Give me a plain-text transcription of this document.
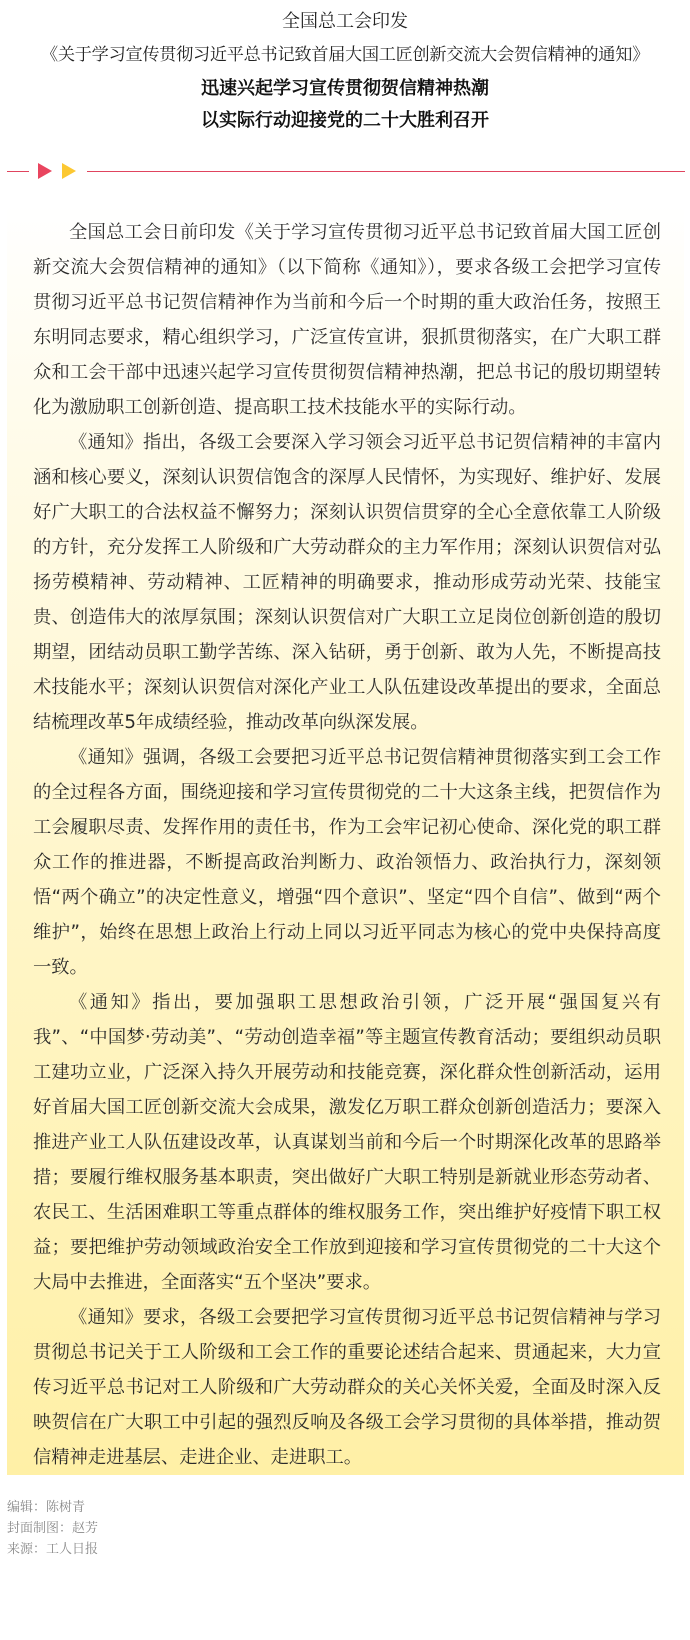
全国总工会印发
《关于学习宣传贯彻习近平总书记致首届大国工匠创新交流大会贺信精神的通知》
迅速兴起学习宣传贯彻贺信精神热潮
以实际行动迎接党的二十大胜利召开

全国总工会日前印发《关于学习宣传贯彻习近平总书记致首届大国工匠创新交流大会贺信精神的通知》（以下简称《通知》），要求各级工会把学习宣传贯彻习近平总书记贺信精神作为当前和今后一个时期的重大政治任务，按照王东明同志要求，精心组织学习，广泛宣传宣讲，狠抓贯彻落实，在广大职工群众和工会干部中迅速兴起学习宣传贯彻贺信精神热潮，把总书记的殷切期望转化为激励职工创新创造、提高职工技术技能水平的实际行动。

《通知》指出，各级工会要深入学习领会习近平总书记贺信精神的丰富内涵和核心要义，深刻认识贺信饱含的深厚人民情怀，为实现好、维护好、发展好广大职工的合法权益不懈努力；深刻认识贺信贯穿的全心全意依靠工人阶级的方针，充分发挥工人阶级和广大劳动群众的主力军作用；深刻认识贺信对弘扬劳模精神、劳动精神、工匠精神的明确要求，推动形成劳动光荣、技能宝贵、创造伟大的浓厚氛围；深刻认识贺信对广大职工立足岗位创新创造的殷切期望，团结动员职工勤学苦练、深入钻研，勇于创新、敢为人先，不断提高技术技能水平；深刻认识贺信对深化产业工人队伍建设改革提出的要求，全面总结梳理改革5年成绩经验，推动改革向纵深发展。

《通知》强调，各级工会要把习近平总书记贺信精神贯彻落实到工会工作的全过程各方面，围绕迎接和学习宣传贯彻党的二十大这条主线，把贺信作为工会履职尽责、发挥作用的责任书，作为工会牢记初心使命、深化党的职工群众工作的推进器，不断提高政治判断力、政治领悟力、政治执行力，深刻领悟“两个确立”的决定性意义，增强“四个意识”、坚定“四个自信”、做到“两个维护”，始终在思想上政治上行动上同以习近平同志为核心的党中央保持高度一致。

《通知》指出，要加强职工思想政治引领，广泛开展“强国复兴有我”、“中国梦·劳动美”、“劳动创造幸福”等主题宣传教育活动；要组织动员职工建功立业，广泛深入持久开展劳动和技能竞赛，深化群众性创新活动，运用好首届大国工匠创新交流大会成果，激发亿万职工群众创新创造活力；要深入推进产业工人队伍建设改革，认真谋划当前和今后一个时期深化改革的思路举措；要履行维权服务基本职责，突出做好广大职工特别是新就业形态劳动者、农民工、生活困难职工等重点群体的维权服务工作，突出维护好疫情下职工权益；要把维护劳动领域政治安全工作放到迎接和学习宣传贯彻党的二十大这个大局中去推进，全面落实“五个坚决”要求。

《通知》要求，各级工会要把学习宣传贯彻习近平总书记贺信精神与学习贯彻总书记关于工人阶级和工会工作的重要论述结合起来、贯通起来，大力宣传习近平总书记对工人阶级和广大劳动群众的关心关怀关爱，全面及时深入反映贺信在广大职工中引起的强烈反响及各级工会学习贯彻的具体举措，推动贺信精神走进基层、走进企业、走进职工。

编辑：陈树青
封面制图：赵芳
来源：工人日报
